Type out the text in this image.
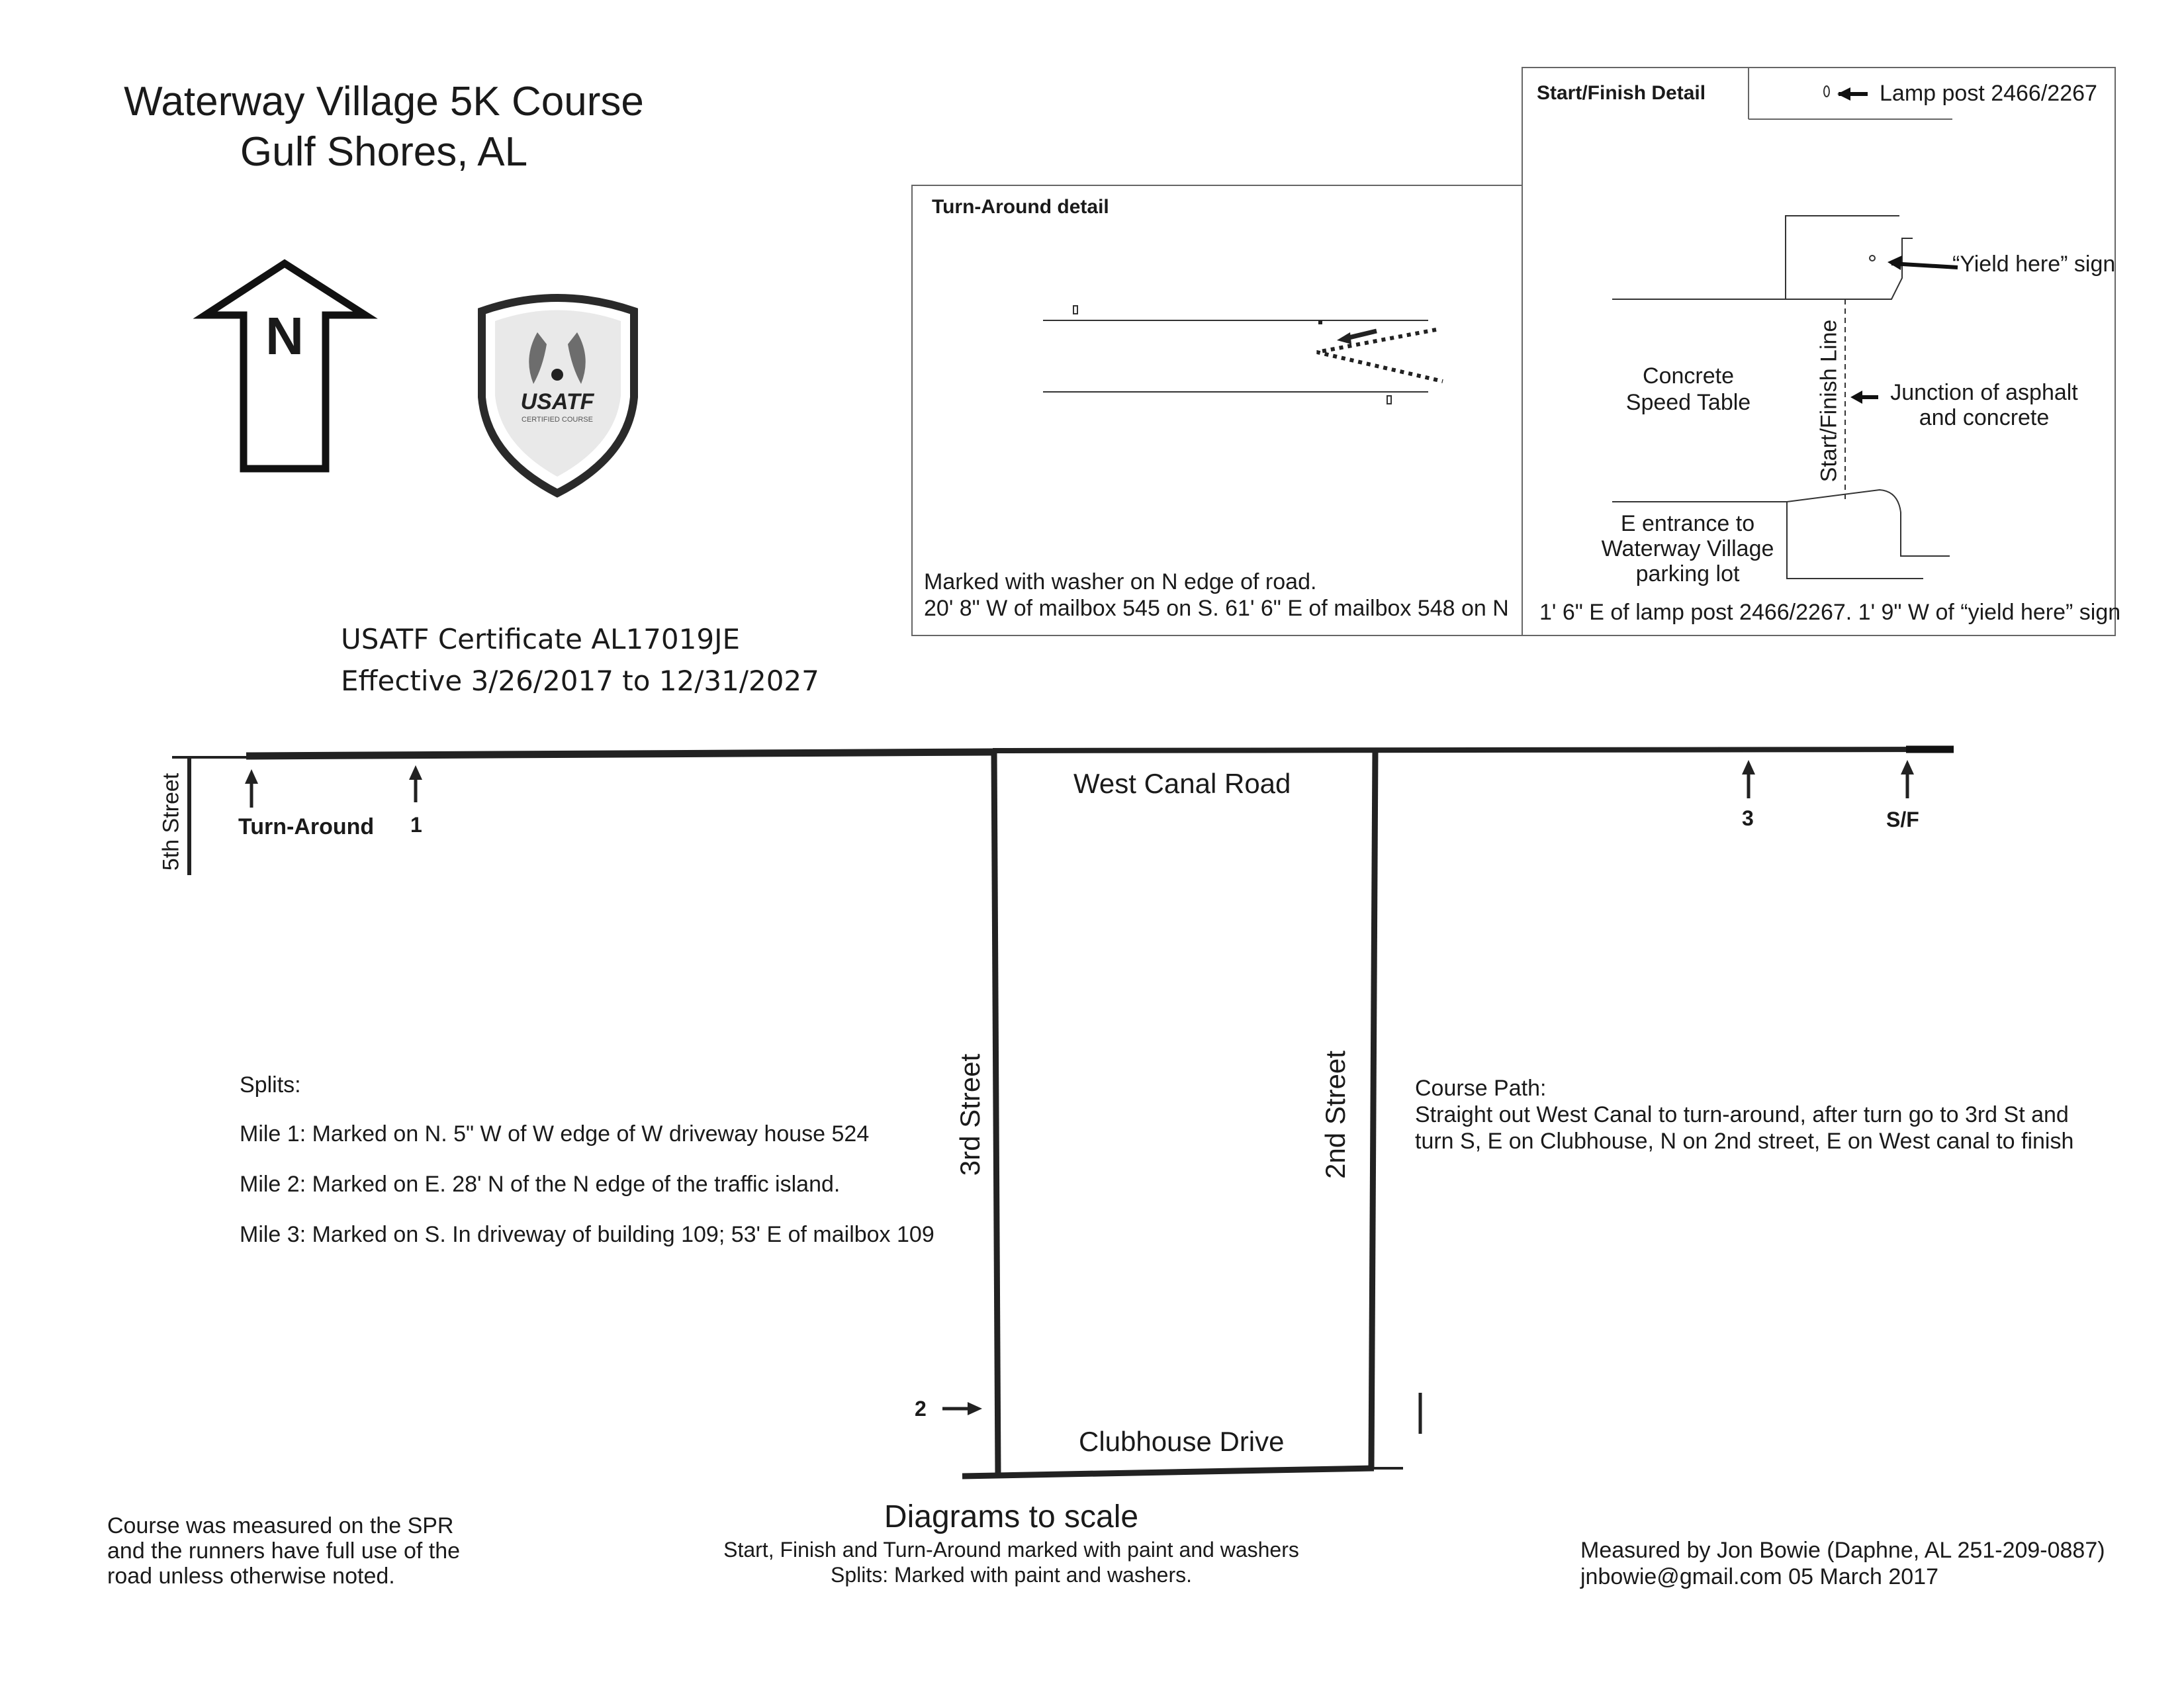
Waterway Village 5K Course
Gulf Shores, AL
N
USATF
CERTIFIED COURSE
USATF Certificate AL17019JE
Effective 3/26/2017 to 12/31/2027
Turn-Around detail
Marked with washer on N edge of road.
20' 8" W of mailbox 545 on S. 61' 6" E of mailbox 548 on N
Start/Finish Detail	Lamp post 2466/2267
“Yield here” sign
Concrete
Speed Table	Start/Finish Line Junction of asphalt
and concrete
E entrance to
Waterway Village
parking lot
1' 6" E of lamp post 2466/2267. 1' 9" W of “yield here” sign
5th Street	West Canal Road
3rd Street	2nd Street
Clubhouse Drive
Turn-Around 1	3	S/F
2
Splits:
Mile 1: Marked on N. 5" W of W edge of W driveway house 524
Mile 2: Marked on E. 28' N of the N edge of the traffic island.
Mile 3: Marked on S. In driveway of building 109; 53' E of mailbox 109
Course Path:
Straight out West Canal to turn-around, after turn go to 3rd St and
turn S, E on Clubhouse, N on 2nd street, E on West canal to finish
Course was measured on the SPR
and the runners have full use of the
road unless otherwise noted.
Diagrams to scale
Start, Finish and Turn-Around marked with paint and washers
Splits: Marked with paint and washers.
Measured by Jon Bowie (Daphne, AL 251-209-0887)
jnbowie@gmail.com 05 March 2017
